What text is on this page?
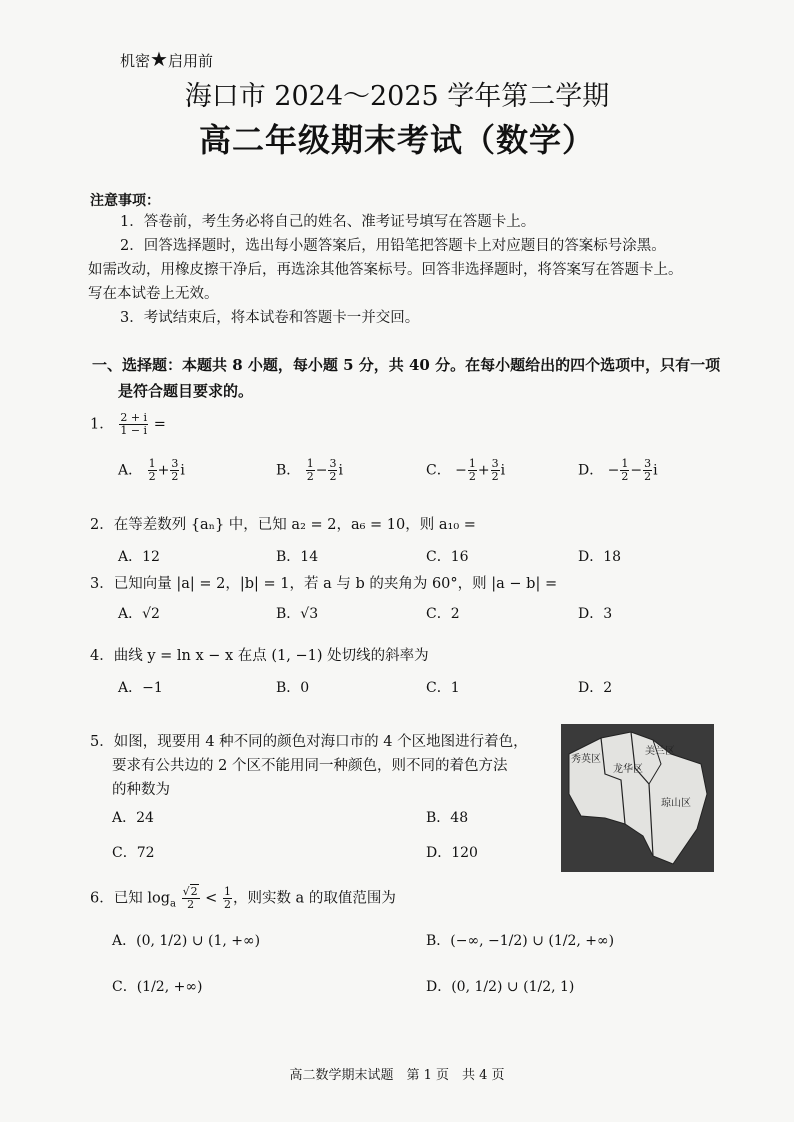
机密★启用前
海口市 2024～2025 学年第二学期
高二年级期末考试（数学）
注意事项：
1．答卷前，考生务必将自己的姓名、准考证号填写在答题卡上。
2．回答选择题时，选出每小题答案后，用铅笔把答题卡上对应题目的答案标号涂黑。
如需改动，用橡皮擦干净后，再选涂其他答案标号。回答非选择题时，将答案写在答题卡上。
写在本试卷上无效。
3．考试结束后，将本试卷和答题卡一并交回。
一、选择题：本题共 8 小题，每小题 5 分，共 40 分。在每小题给出的四个选项中，只有一项
是符合题目要求的。
1． $\frac{2 + i}{1 - i}$ =
A． $\frac{1}{2} + \frac{3}{2}$ i	B． $\frac{1}{2} - \frac{3}{2}$ i	C． − $\frac{1}{2} + \frac{3}{2}$ i	D． − $\frac{1}{2} - \frac{3}{2}$ i
2．在等差数列 {aₙ} 中，已知 a₂ = 2，a₆ = 10，则 a₁₀ =
A．12	B．14	C．16	D．18
3．已知向量 |a| = 2，|b| = 1，若 a 与 b 的夹角为 60°，则 |a − b| =
A．√2	B．√3	C．2	D．3
4．曲线 y = ln x − x 在点 (1, −1) 处切线的斜率为
A．−1	B．0	C．1	D．2
5．如图，现要用 4 种不同的颜色对海口市的 4 个区地图进行着色，
要求有公共边的 2 个区不能用同一种颜色，则不同的着色方法
的种数为
A．24	B．48
C．72	D．120
秀英区
龙华区
美兰区
琼山区
6．已知 $\log_a \frac{√2}{2} < \frac{1}{2}$ ，则实数 a 的取值范围为
A．(0, 1/2) ∪ (1, +∞)	B．(−∞, −1/2) ∪ (1/2, +∞)
C．(1/2, +∞)	D．(0, 1/2) ∪ (1/2, 1)
高二数学期末试题　第 1 页　共 4 页
